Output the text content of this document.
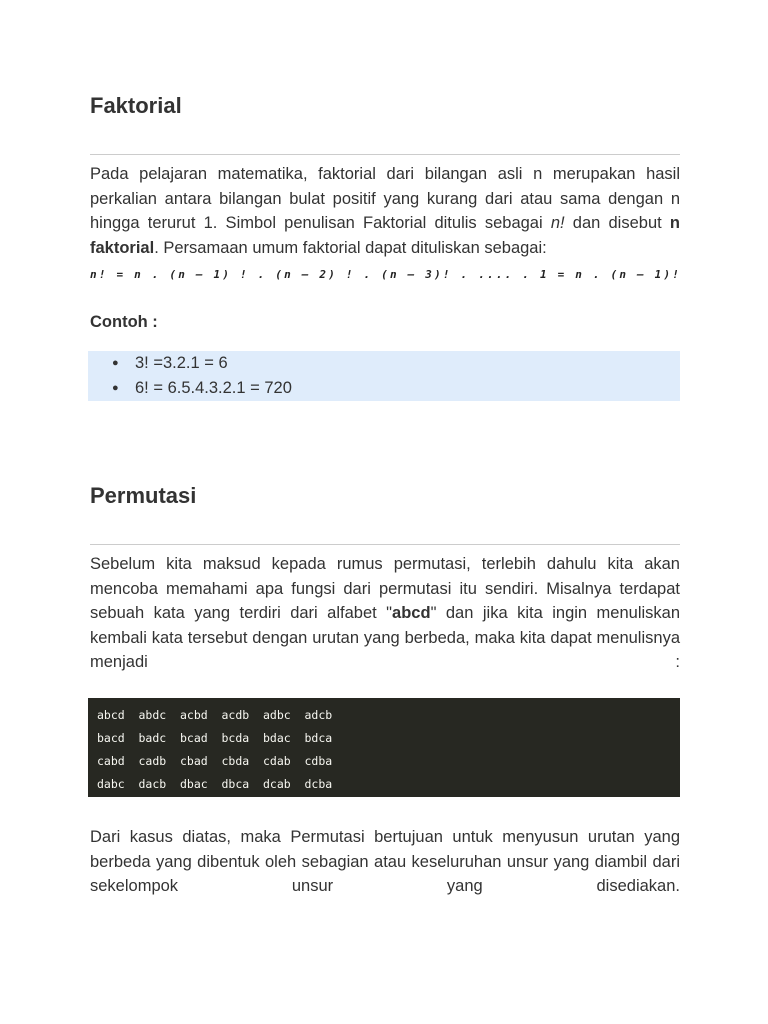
Faktorial
Pada pelajaran matematika, faktorial dari bilangan asli n merupakan hasil
perkalian antara bilangan bulat positif yang kurang dari atau sama dengan n
hingga terurut 1. Simbol penulisan Faktorial ditulis sebagai n! dan disebut n
faktorial. Persamaan umum faktorial dapat dituliskan sebagai:
n! = n . (n – 1) ! . (n – 2) ! . (n – 3)! . .... . 1 = n . (n – 1)!
Contoh :
● 3! =3.2.1 = 6
● 6! = 6.5.4.3.2.1 = 720
Permutasi
Sebelum kita maksud kepada rumus permutasi, terlebih dahulu kita akan
mencoba memahami apa fungsi dari permutasi itu sendiri. Misalnya terdapat
sebuah kata yang terdiri dari alfabet "abcd" dan jika kita ingin menuliskan
kembali kata tersebut dengan urutan yang berbeda, maka kita dapat menulisnya
menjadi	:
abcd abdc acbd acdb adbc adcb
bacd badc bcad bcda bdac bdca
cabd cadb cbad cbda cdab cdba
dabc dacb dbac dbca dcab dcba
Dari kasus diatas, maka Permutasi bertujuan untuk menyusun urutan yang
berbeda yang dibentuk oleh sebagian atau keseluruhan unsur yang diambil dari
sekelompok	unsur	yang	disediakan.
